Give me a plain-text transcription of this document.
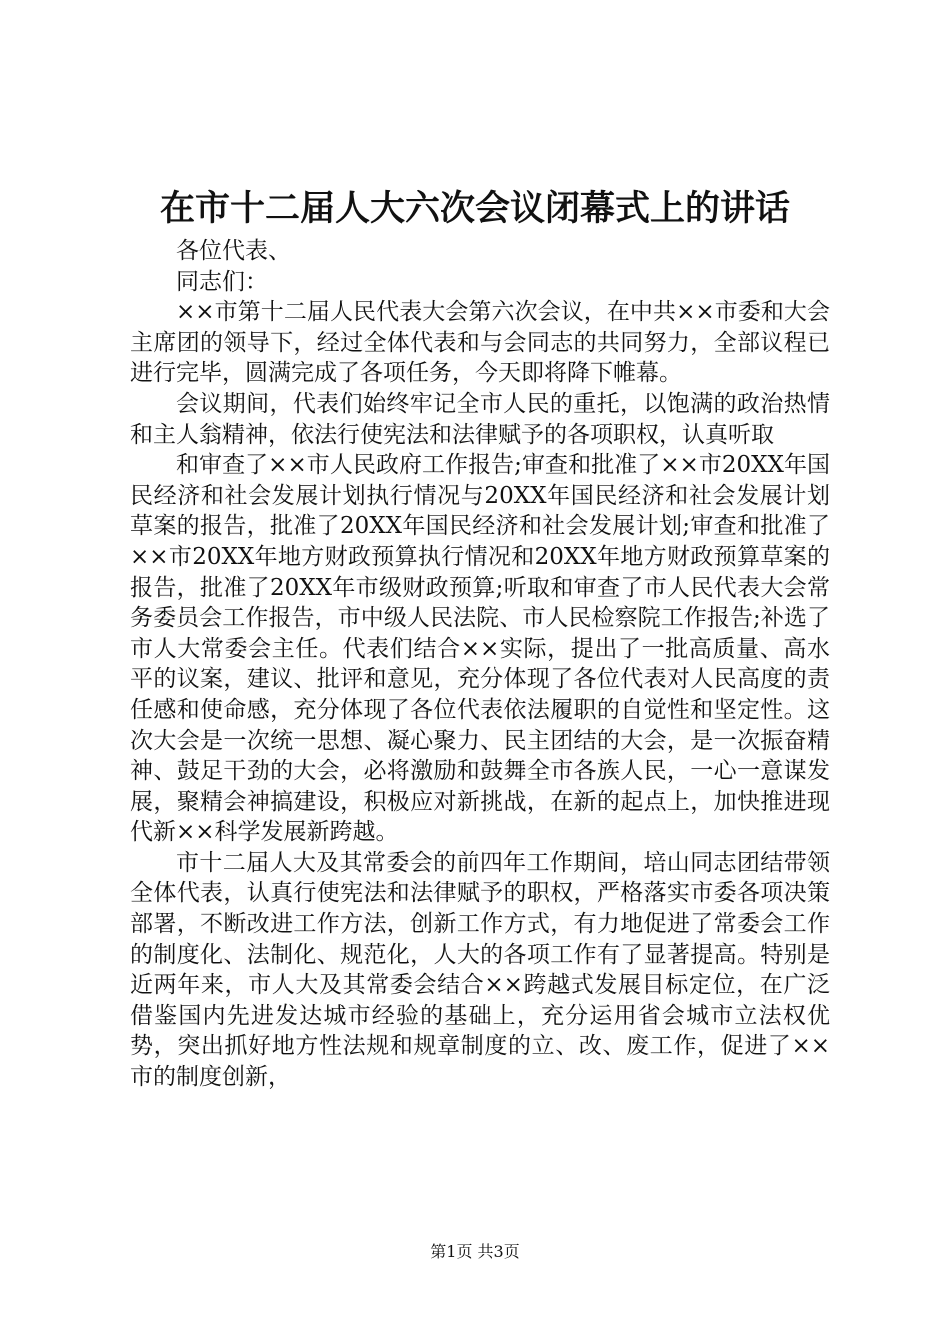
在市十二届人大六次会议闭幕式上的讲话

各位代表、

同志们：

××市第十二届人民代表大会第六次会议，在中共××市委和大会主席团的领导下，经过全体代表和与会同志的共同努力，全部议程已进行完毕，圆满完成了各项任务，今天即将降下帷幕。

会议期间，代表们始终牢记全市人民的重托，以饱满的政治热情和主人翁精神，依法行使宪法和法律赋予的各项职权，认真听取

和审查了××市人民政府工作报告;审查和批准了××市20XX年国民经济和社会发展计划执行情况与20XX年国民经济和社会发展计划草案的报告，批准了20XX年国民经济和社会发展计划;审查和批准了××市20XX年地方财政预算执行情况和20XX年地方财政预算草案的报告，批准了20XX年市级财政预算;听取和审查了市人民代表大会常务委员会工作报告，市中级人民法院、市人民检察院工作报告;补选了市人大常委会主任。代表们结合××实际，提出了一批高质量、高水平的议案，建议、批评和意见，充分体现了各位代表对人民高度的责任感和使命感，充分体现了各位代表依法履职的自觉性和坚定性。这次大会是一次统一思想、凝心聚力、民主团结的大会，是一次振奋精神、鼓足干劲的大会，必将激励和鼓舞全市各族人民，一心一意谋发展，聚精会神搞建设，积极应对新挑战，在新的起点上，加快推进现代新××科学发展新跨越。

市十二届人大及其常委会的前四年工作期间，培山同志团结带领全体代表，认真行使宪法和法律赋予的职权，严格落实市委各项决策部署，不断改进工作方法，创新工作方式，有力地促进了常委会工作的制度化、法制化、规范化，人大的各项工作有了显著提高。特别是近两年来，市人大及其常委会结合××跨越式发展目标定位，在广泛借鉴国内先进发达城市经验的基础上，充分运用省会城市立法权优势，突出抓好地方性法规和规章制度的立、改、废工作，促进了××市的制度创新，

第1页 共3页
